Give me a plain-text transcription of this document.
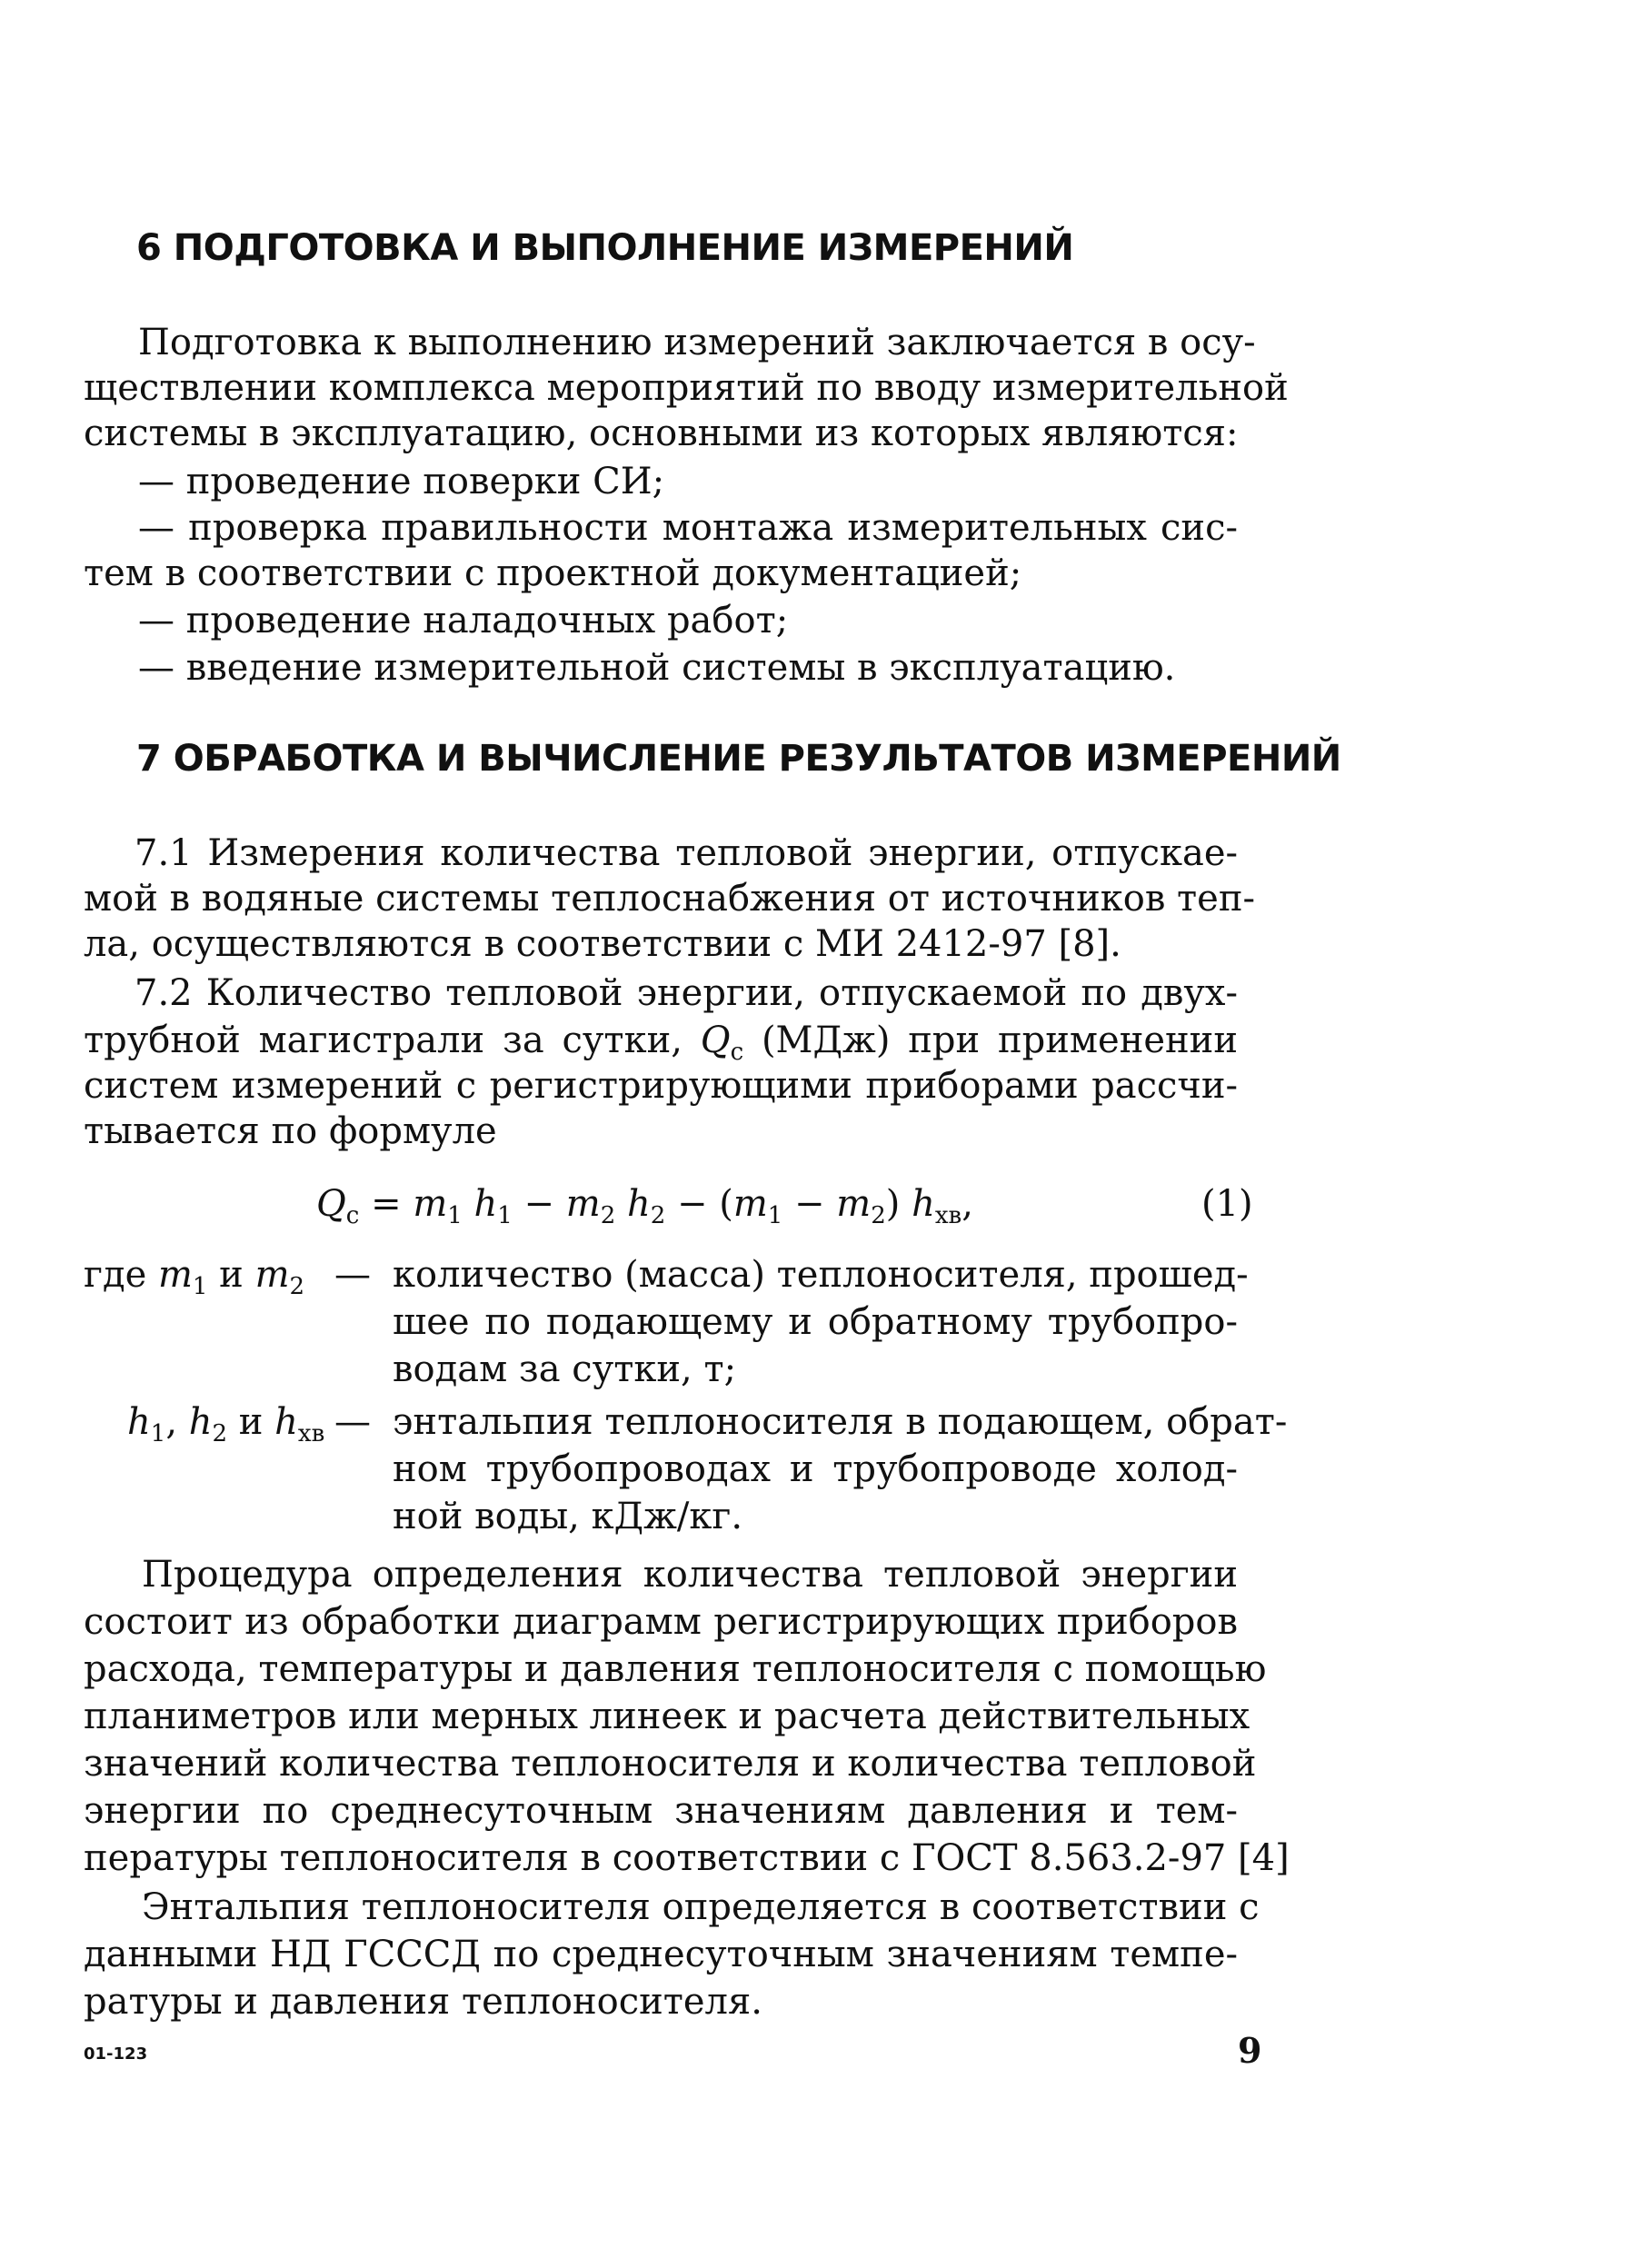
6 ПОДГОТОВКА И ВЫПОЛНЕНИЕ ИЗМЕРЕНИЙ
Подготовка к выполнению измерений заключается в осу-
ществлении комплекса мероприятий по вводу измерительной
системы в эксплуатацию, основными из которых являются:
— проведение поверки СИ;
— проверка правильности монтажа измерительных сис-
тем в соответствии с проектной документацией;
— проведение наладочных работ;
— введение измерительной системы в эксплуатацию.
7 ОБРАБОТКА И ВЫЧИСЛЕНИЕ РЕЗУЛЬТАТОВ ИЗМЕРЕНИЙ
7.1 Измерения количества тепловой энергии, отпускае-
мой в водяные системы теплоснабжения от источников теп-
ла, осуществляются в соответствии с МИ 2412-97 [8].
7.2 Количество тепловой энергии, отпускаемой по двух-
трубной магистрали за сутки, $Q_с$ (МДж) при применении
систем измерений с регистрирующими приборами рассчи-
тывается по формуле
$Q_с = m_1$ $h_1 - m_2$ $h_2 - (m_1 - m_2)$ $h_{хв}$,	(1)
где $m_1$ и $m_2$ — количество (масса) теплоносителя, прошед-
шее по подающему и обратному трубопро-
водам за сутки, т;
$h_1$, $h_2$ и $h_{хв}$ — энтальпия теплоносителя в подающем, обрат-
ном трубопроводах и трубопроводе холод-
ной воды, кДж/кг.
Процедура определения количества тепловой энергии
состоит из обработки диаграмм регистрирующих приборов
расхода, температуры и давления теплоносителя с помощью
планиметров или мерных линеек и расчета действительных
значений количества теплоносителя и количества тепловой
энергии по среднесуточным значениям давления и тем-
пературы теплоносителя в соответствии с ГОСТ 8.563.2-97 [4]
Энтальпия теплоносителя определяется в соответствии с
данными НД ГСССД по среднесуточным значениям темпе-
ратуры и давления теплоносителя.
01-123	9
